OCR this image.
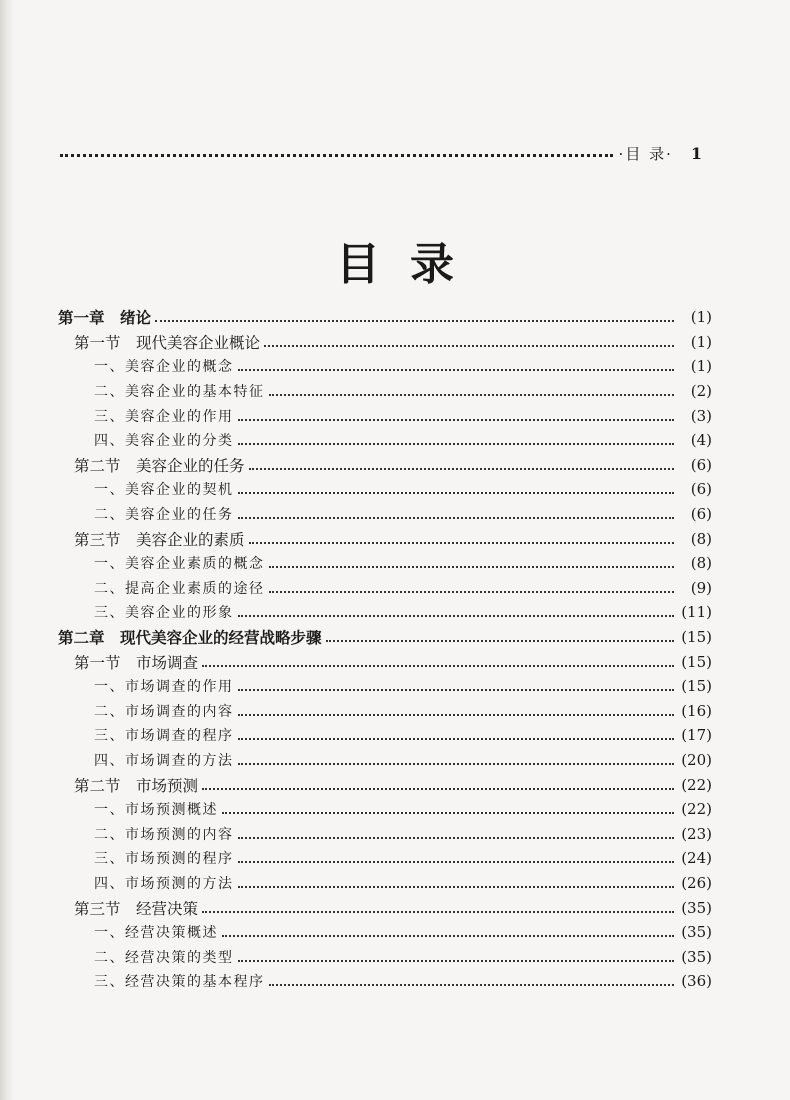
·目 录· 1
目录
第一章　绪论	(1)
第一节　现代美容企业概论	(1)
一、美容企业的概念	(1)
二、美容企业的基本特征	(2)
三、美容企业的作用	(3)
四、美容企业的分类	(4)
第二节　美容企业的任务	(6)
一、美容企业的契机	(6)
二、美容企业的任务	(6)
第三节　美容企业的素质	(8)
一、美容企业素质的概念	(8)
二、提高企业素质的途径	(9)
三、美容企业的形象	(11)
第二章　现代美容企业的经营战略步骤	(15)
第一节　市场调查	(15)
一、市场调查的作用	(15)
二、市场调查的内容	(16)
三、市场调查的程序	(17)
四、市场调查的方法	(20)
第二节　市场预测	(22)
一、市场预测概述	(22)
二、市场预测的内容	(23)
三、市场预测的程序	(24)
四、市场预测的方法	(26)
第三节　经营决策	(35)
一、经营决策概述	(35)
二、经营决策的类型	(35)
三、经营决策的基本程序	(36)
